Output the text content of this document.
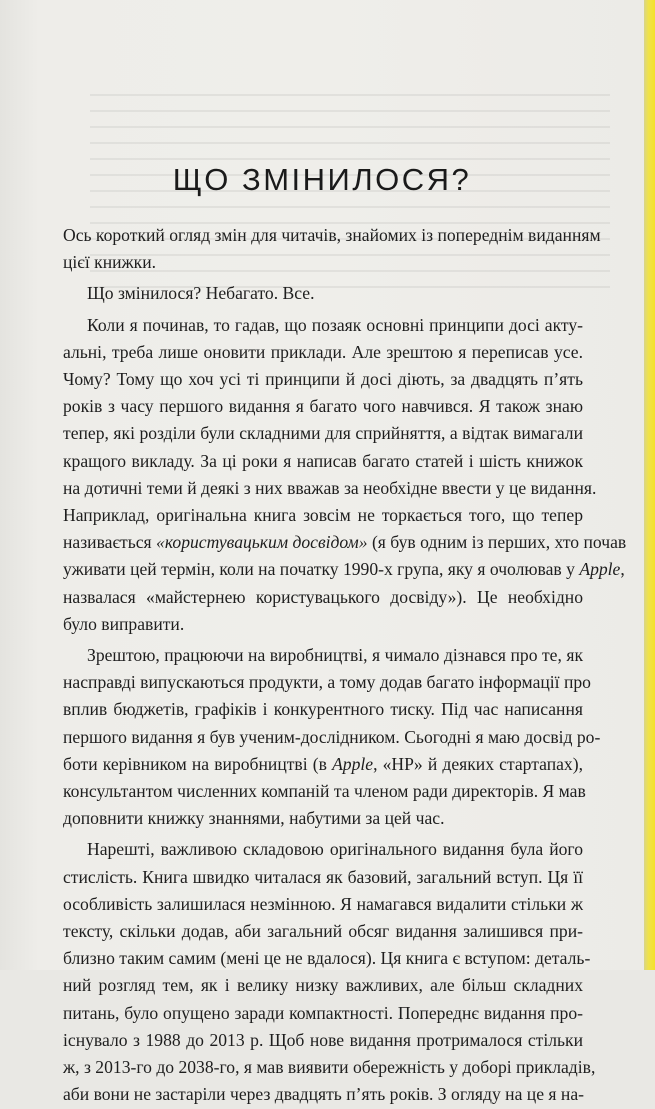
ЩО ЗМІНИЛОСЯ?
Ось короткий огляд змін для читачів, знайомих із попереднім виданням
цієї книжки.
Що змінилося? Небагато. Все.
Коли я починав, то гадав, що позаяк основні принципи досі акту-
альні, треба лише оновити приклади. Але зрештою я переписав усе.
Чому? Тому що хоч усі ті принципи й досі діють, за двадцять п’ять
років з часу першого видання я багато чого навчився. Я також знаю
тепер, які розділи були складними для сприйняття, а відтак вимагали
кращого викладу. За ці роки я написав багато статей і шість книжок
на дотичні теми й деякі з них вважав за необхідне ввести у це видання.
Наприклад, оригінальна книга зовсім не торкається того, що тепер
називається «користувацьким досвідом» (я був одним із перших, хто почав
уживати цей термін, коли на початку 1990-х група, яку я очолював у Apple,
назвалася «майстернею користувацького досвіду»). Це необхідно
було виправити.
Зрештою, працюючи на виробництві, я чимало дізнався про те, як
насправді випускаються продукти, а тому додав багато інформації про
вплив бюджетів, графіків і конкурентного тиску. Під час написання
першого видання я був ученим-дослідником. Сьогодні я маю досвід ро-
боти керівником на виробництві (в Apple, «HP» й деяких стартапах),
консультантом численних компаній та членом ради директорів. Я мав
доповнити книжку знаннями, набутими за цей час.
Нарешті, важливою складовою оригінального видання була його
стислість. Книга швидко читалася як базовий, загальний вступ. Ця її
особливість залишилася незмінною. Я намагався видалити стільки ж
тексту, скільки додав, аби загальний обсяг видання залишився при-
близно таким самим (мені це не вдалося). Ця книга є вступом: деталь-
ний розгляд тем, як і велику низку важливих, але більш складних
питань, було опущено заради компактності. Попереднє видання про-
існувало з 1988 до 2013 р. Щоб нове видання протрималося стільки
ж, з 2013-го до 2038-го, я мав виявити обережність у доборі прикладів,
аби вони не застаріли через двадцять п’ять років. З огляду на це я на-
